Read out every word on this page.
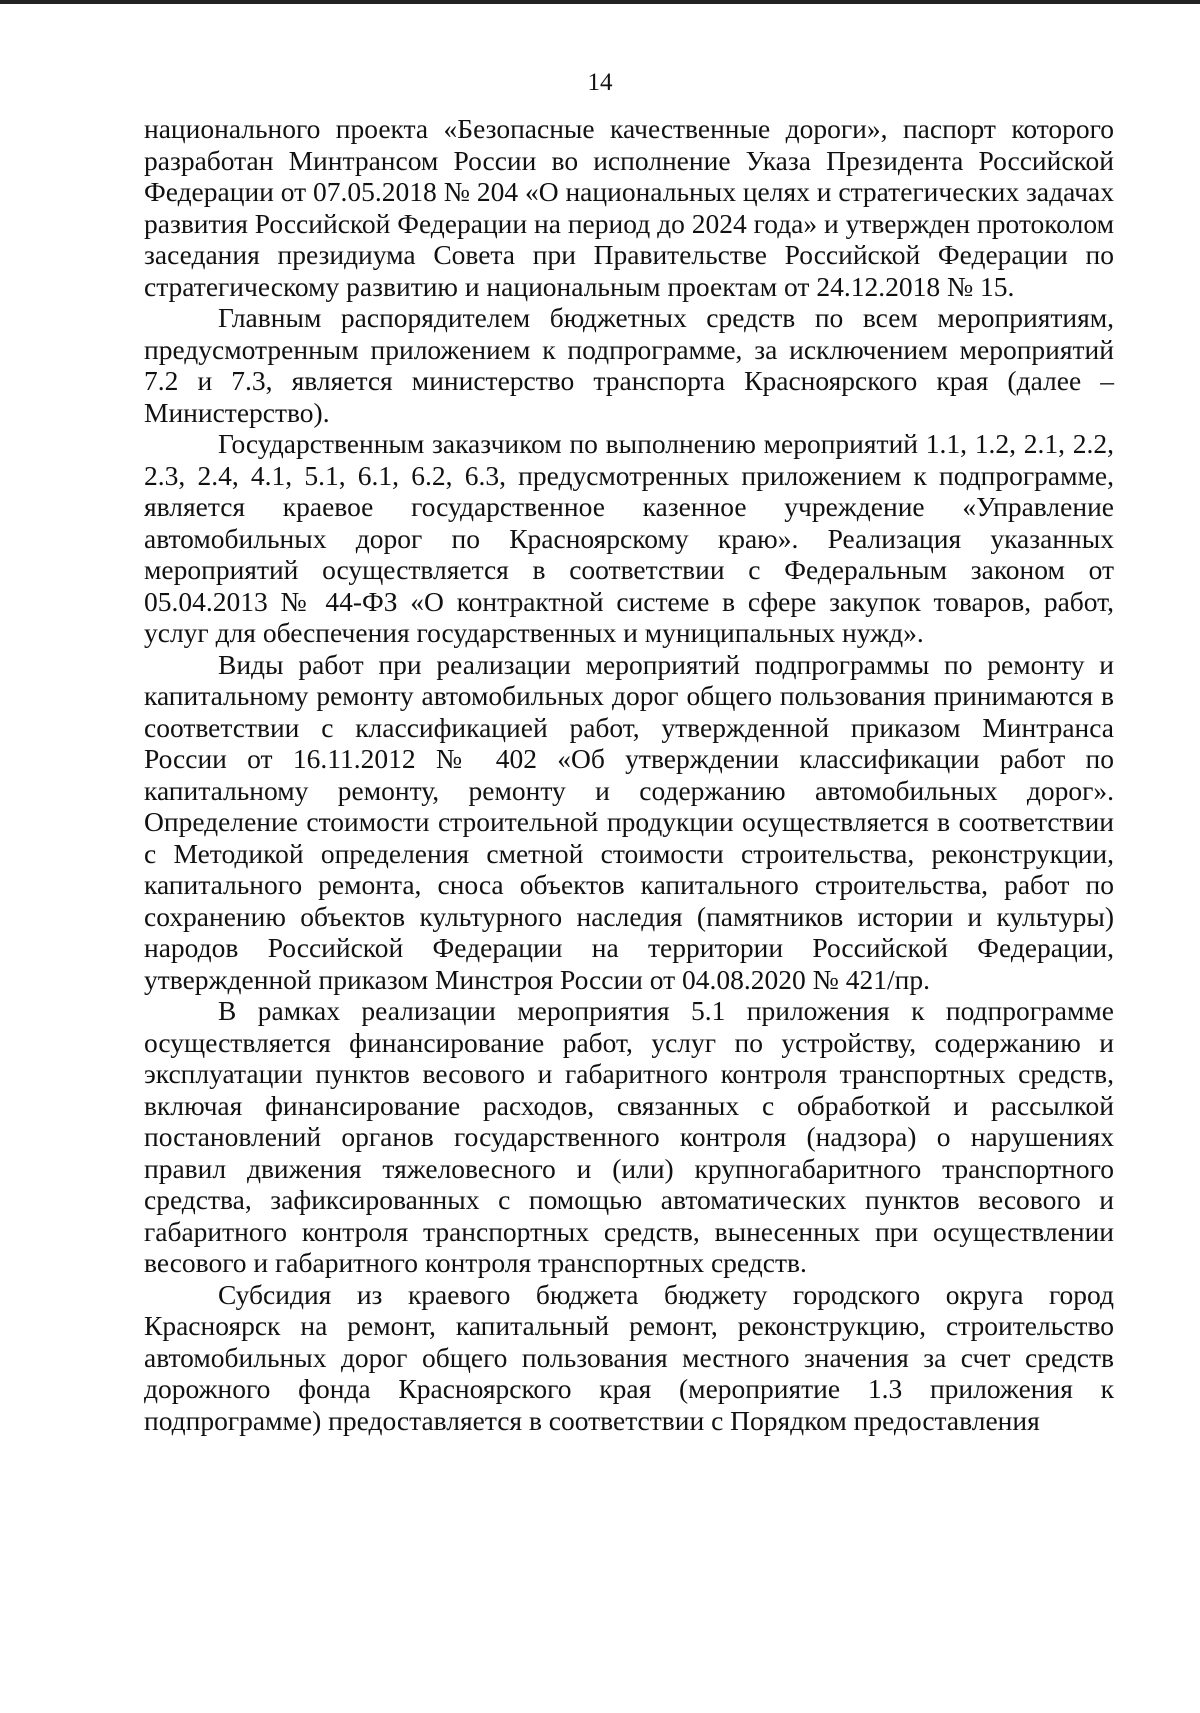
14

национального проекта «Безопасные качественные дороги», паспорт которого разработан Минтрансом России во исполнение Указа Президента Российской Федерации от 07.05.2018 № 204 «О национальных целях и стратегических задачах развития Российской Федерации на период до 2024 года» и утвержден протоколом заседания президиума Совета при Правительстве Российской Федерации по стратегическому развитию и национальным проектам от 24.12.2018 № 15.

Главным распорядителем бюджетных средств по всем мероприятиям, предусмотренным приложением к подпрограмме, за исключением мероприятий 7.2 и 7.3, является министерство транспорта Красноярского края (далее – Министерство).

Государственным заказчиком по выполнению мероприятий 1.1, 1.2, 2.1, 2.2, 2.3, 2.4, 4.1, 5.1, 6.1, 6.2, 6.3, предусмотренных приложением к подпрограмме, является краевое государственное казенное учреждение «Управление автомобильных дорог по Красноярскому краю». Реализация указанных мероприятий осуществляется в соответствии с Федеральным законом от 05.04.2013 № 44-ФЗ «О контрактной системе в сфере закупок товаров, работ, услуг для обеспечения государственных и муниципальных нужд».

Виды работ при реализации мероприятий подпрограммы по ремонту и капитальному ремонту автомобильных дорог общего пользования принимаются в соответствии с классификацией работ, утвержденной приказом Минтранса России от 16.11.2012 № 402 «Об утверждении классификации работ по капитальному ремонту, ремонту и содержанию автомобильных дорог». Определение стоимости строительной продукции осуществляется в соответствии с Методикой определения сметной стоимости строительства, реконструкции, капитального ремонта, сноса объектов капитального строительства, работ по сохранению объектов культурного наследия (памятников истории и культуры) народов Российской Федерации на территории Российской Федерации, утвержденной приказом Минстроя России от 04.08.2020 № 421/пр.

В рамках реализации мероприятия 5.1 приложения к подпрограмме осуществляется финансирование работ, услуг по устройству, содержанию и эксплуатации пунктов весового и габаритного контроля транспортных средств, включая финансирование расходов, связанных с обработкой и рассылкой постановлений органов государственного контроля (надзора) о нарушениях правил движения тяжеловесного и (или) крупногабаритного транспортного средства, зафиксированных с помощью автоматических пунктов весового и габаритного контроля транспортных средств, вынесенных при осуществлении весового и габаритного контроля транспортных средств.

Субсидия из краевого бюджета бюджету городского округа город Красноярск на ремонт, капитальный ремонт, реконструкцию, строительство автомобильных дорог общего пользования местного значения за счет средств дорожного фонда Красноярского края (мероприятие 1.3 приложения к подпрограмме) предоставляется в соответствии с Порядком предоставления
